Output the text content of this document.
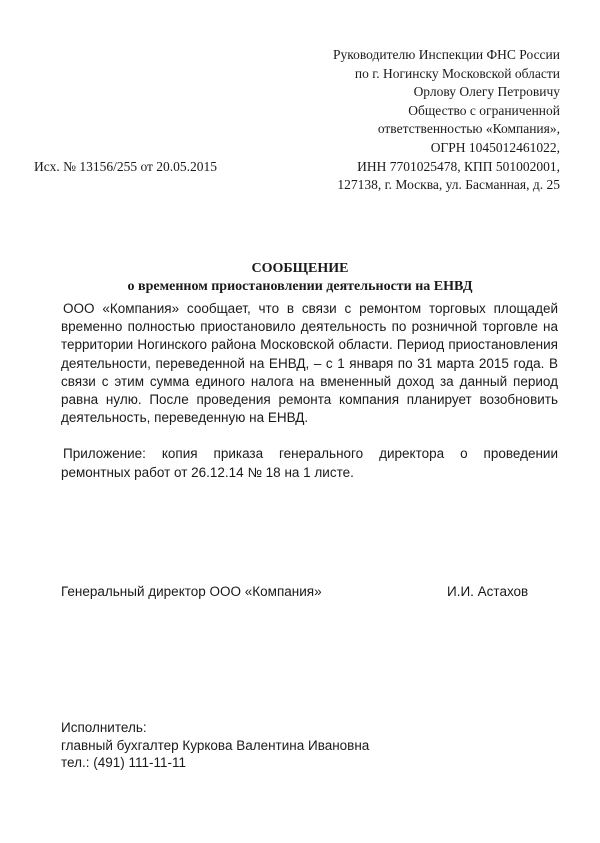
Руководителю Инспекции ФНС России
по г. Ногинску Московской области
Орлову Олегу Петровичу
Общество с ограниченной
ответственностью «Компания»,
ОГРН 1045012461022,
ИНН 7701025478, КПП 501002001,
127138, г. Москва, ул. Басманная, д. 25
Исх. № 13156/255 от 20.05.2015
СООБЩЕНИЕ
о временном приостановлении деятельности на ЕНВД

ООО «Компания» сообщает, что в связи с ремонтом торговых площадей временно полностью приостановило деятельность по розничной торговле на территории Ногинского района Московской области. Период приостановления деятельности, переведенной на ЕНВД, – с 1 января по 31 марта 2015 года. В связи с этим сумма единого налога на вмененный доход за данный период равна нулю. После проведения ремонта компания планирует возобновить деятельность, переведенную на ЕНВД.

Приложение: копия приказа генерального директора о проведении ремонтных работ от 26.12.14 № 18 на 1 листе.

Генеральный директор ООО «Компания»	И.И. Астахов
Исполнитель:
главный бухгалтер Куркова Валентина Ивановна
тел.: (491) 111-11-11
